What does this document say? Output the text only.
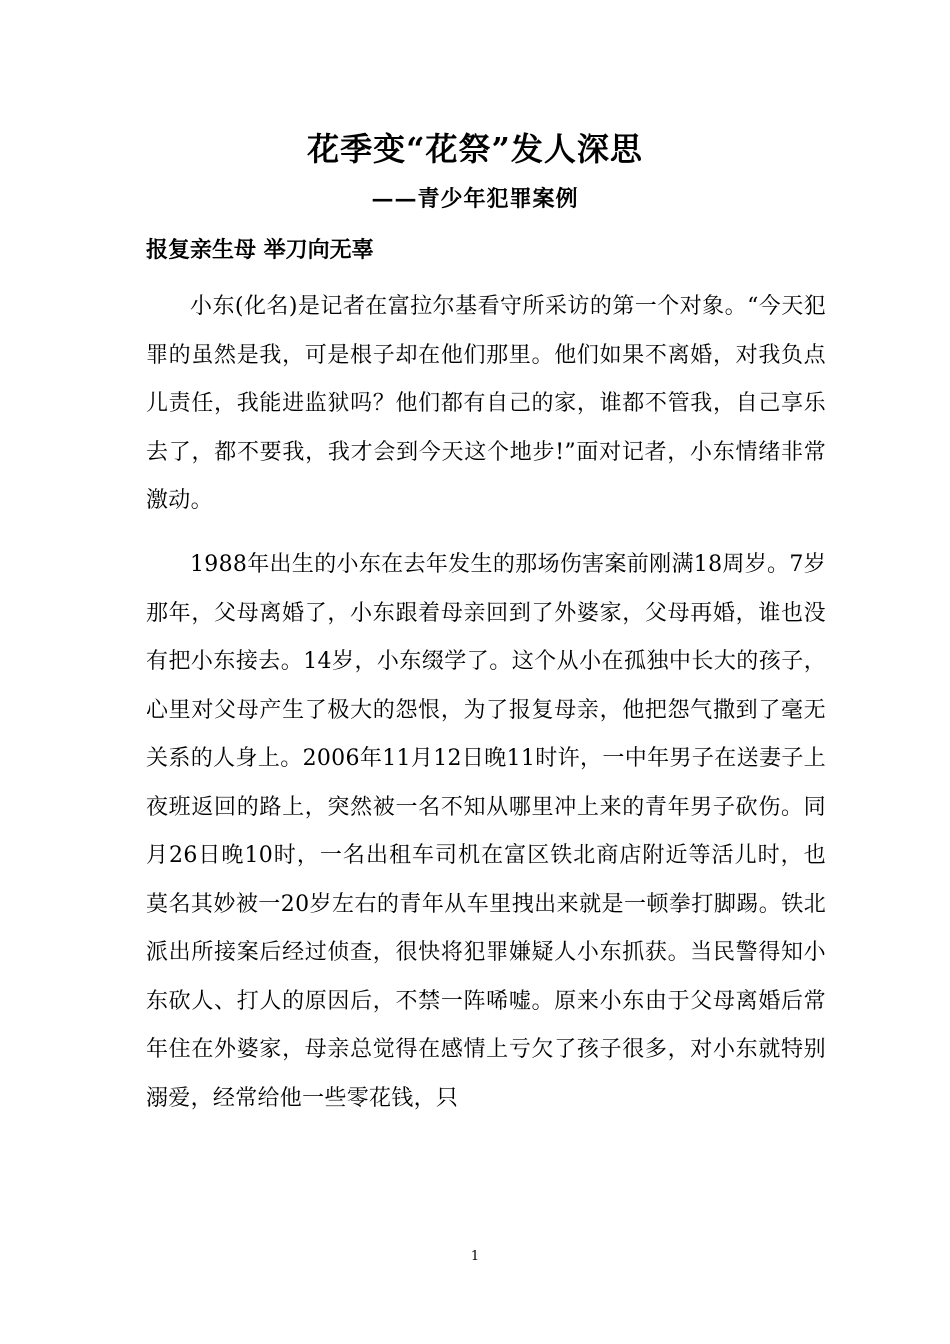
花季变“花祭”发人深思
——青少年犯罪案例
报复亲生母 举刀向无辜

小东(化名)是记者在富拉尔基看守所采访的第一个对象。“今天犯罪的虽然是我，可是根子却在他们那里。他们如果不离婚，对我负点儿责任，我能进监狱吗？他们都有自己的家，谁都不管我，自己享乐去了，都不要我，我才会到今天这个地步!”面对记者，小东情绪非常激动。

1988年出生的小东在去年发生的那场伤害案前刚满18周岁。7岁那年，父母离婚了，小东跟着母亲回到了外婆家，父母再婚，谁也没有把小东接去。14岁，小东缀学了。这个从小在孤独中长大的孩子，心里对父母产生了极大的怨恨，为了报复母亲，他把怨气撒到了毫无关系的人身上。2006年11月12日晚11时许，一中年男子在送妻子上夜班返回的路上，突然被一名不知从哪里冲上来的青年男子砍伤。同月26日晚10时，一名出租车司机在富区铁北商店附近等活儿时，也莫名其妙被一20岁左右的青年从车里拽出来就是一顿拳打脚踢。铁北派出所接案后经过侦查，很快将犯罪嫌疑人小东抓获。当民警得知小东砍人、打人的原因后，不禁一阵唏嘘。原来小东由于父母离婚后常年住在外婆家，母亲总觉得在感情上亏欠了孩子很多，对小东就特别溺爱，经常给他一些零花钱，只

1
